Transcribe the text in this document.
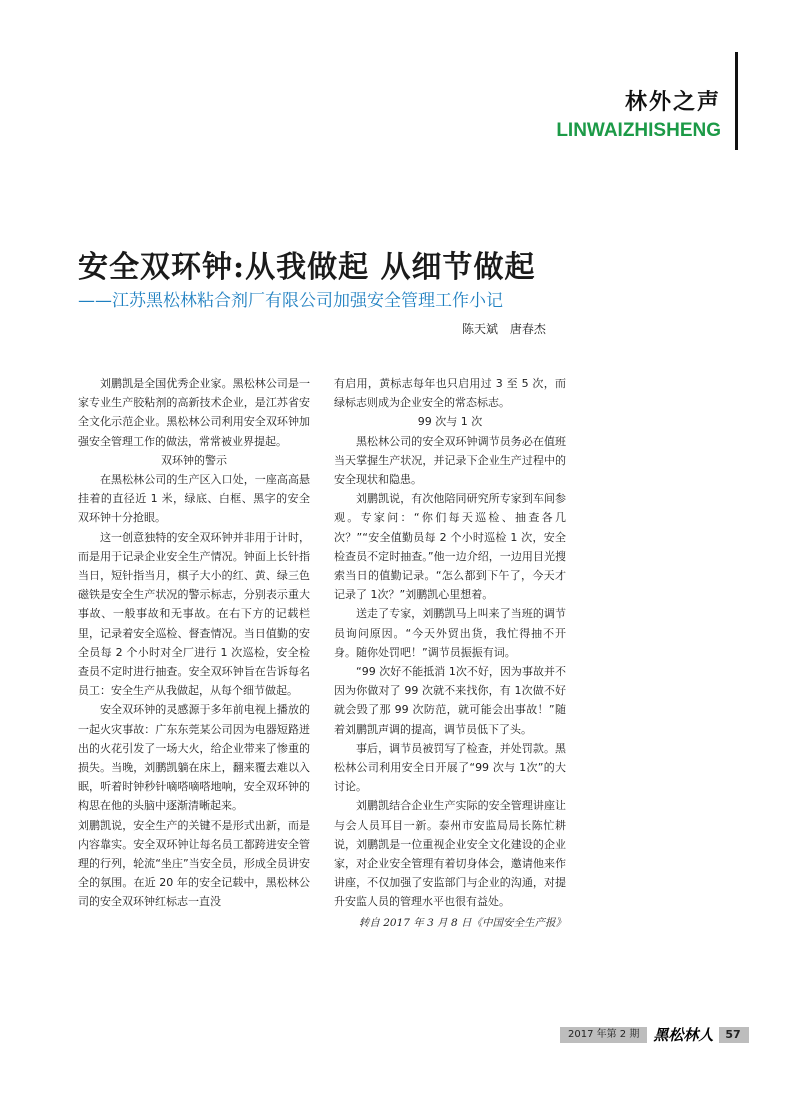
林外之声
LINWAIZHISHENG
安全双环钟:从我做起 从细节做起
——江苏黑松林粘合剂厂有限公司加强安全管理工作小记
陈天斌 唐春杰

刘鹏凯是全国优秀企业家。黑松林公司是一家专业生产胶粘剂的高新技术企业，是江苏省安全文化示范企业。黑松林公司利用安全双环钟加强安全管理工作的做法，常常被业界提起。

双环钟的警示

在黑松林公司的生产区入口处，一座高高悬挂着的直径近 1 米，绿底、白框、黑字的安全双环钟十分抢眼。

这一创意独特的安全双环钟并非用于计时，而是用于记录企业安全生产情况。钟面上长针指当日，短针指当月，棋子大小的红、黄、绿三色磁铁是安全生产状况的警示标志，分别表示重大事故、一般事故和无事故。在右下方的记载栏里，记录着安全巡检、督查情况。当日值勤的安全员每 2 个小时对全厂进行 1 次巡检，安全检查员不定时进行抽查。安全双环钟旨在告诉每名员工：安全生产从我做起，从每个细节做起。

安全双环钟的灵感源于多年前电视上播放的一起火灾事故：广东东莞某公司因为电器短路迸出的火花引发了一场大火，给企业带来了惨重的损失。当晚，刘鹏凯躺在床上，翻来覆去难以入眠，听着时钟秒针嘀嗒嘀嗒地响，安全双环钟的构思在他的头脑中逐渐清晰起来。

刘鹏凯说，安全生产的关键不是形式出新，而是内容靠实。安全双环钟让每名员工都跨进安全管理的行列，轮流“坐庄”当安全员，形成全员讲安全的氛围。在近 20 年的安全记载中，黑松林公司的安全双环钟红标志一直没

有启用，黄标志每年也只启用过 3 至 5 次，而绿标志则成为企业安全的常态标志。

99 次与 1 次

黑松林公司的安全双环钟调节员务必在值班当天掌握生产状况，并记录下企业生产过程中的安全现状和隐患。

刘鹏凯说，有次他陪同研究所专家到车间参观。专家问：“你们每天巡检、抽查各几次？”“安全值勤员每 2 个小时巡检 1 次，安全检查员不定时抽查。”他一边介绍，一边用目光搜索当日的值勤记录。“怎么都到下午了，今天才记录了 1次？”刘鹏凯心里想着。

送走了专家，刘鹏凯马上叫来了当班的调节员询问原因。“今天外贸出货，我忙得抽不开身。随你处罚吧！”调节员振振有词。

“99 次好不能抵消 1次不好，因为事故并不因为你做对了 99 次就不来找你，有 1次做不好就会毁了那 99 次防范，就可能会出事故！”随着刘鹏凯声调的提高，调节员低下了头。

事后，调节员被罚写了检查，并处罚款。黑松林公司利用安全日开展了“99 次与 1次”的大讨论。

刘鹏凯结合企业生产实际的安全管理讲座让与会人员耳目一新。泰州市安监局局长陈忙耕说，刘鹏凯是一位重视企业安全文化建设的企业家，对企业安全管理有着切身体会，邀请他来作讲座，不仅加强了安监部门与企业的沟通，对提升安监人员的管理水平也很有益处。

转自 2017 年 3 月 8 日《中国安全生产报》
2017 年第 2 期 黑松林人	57
